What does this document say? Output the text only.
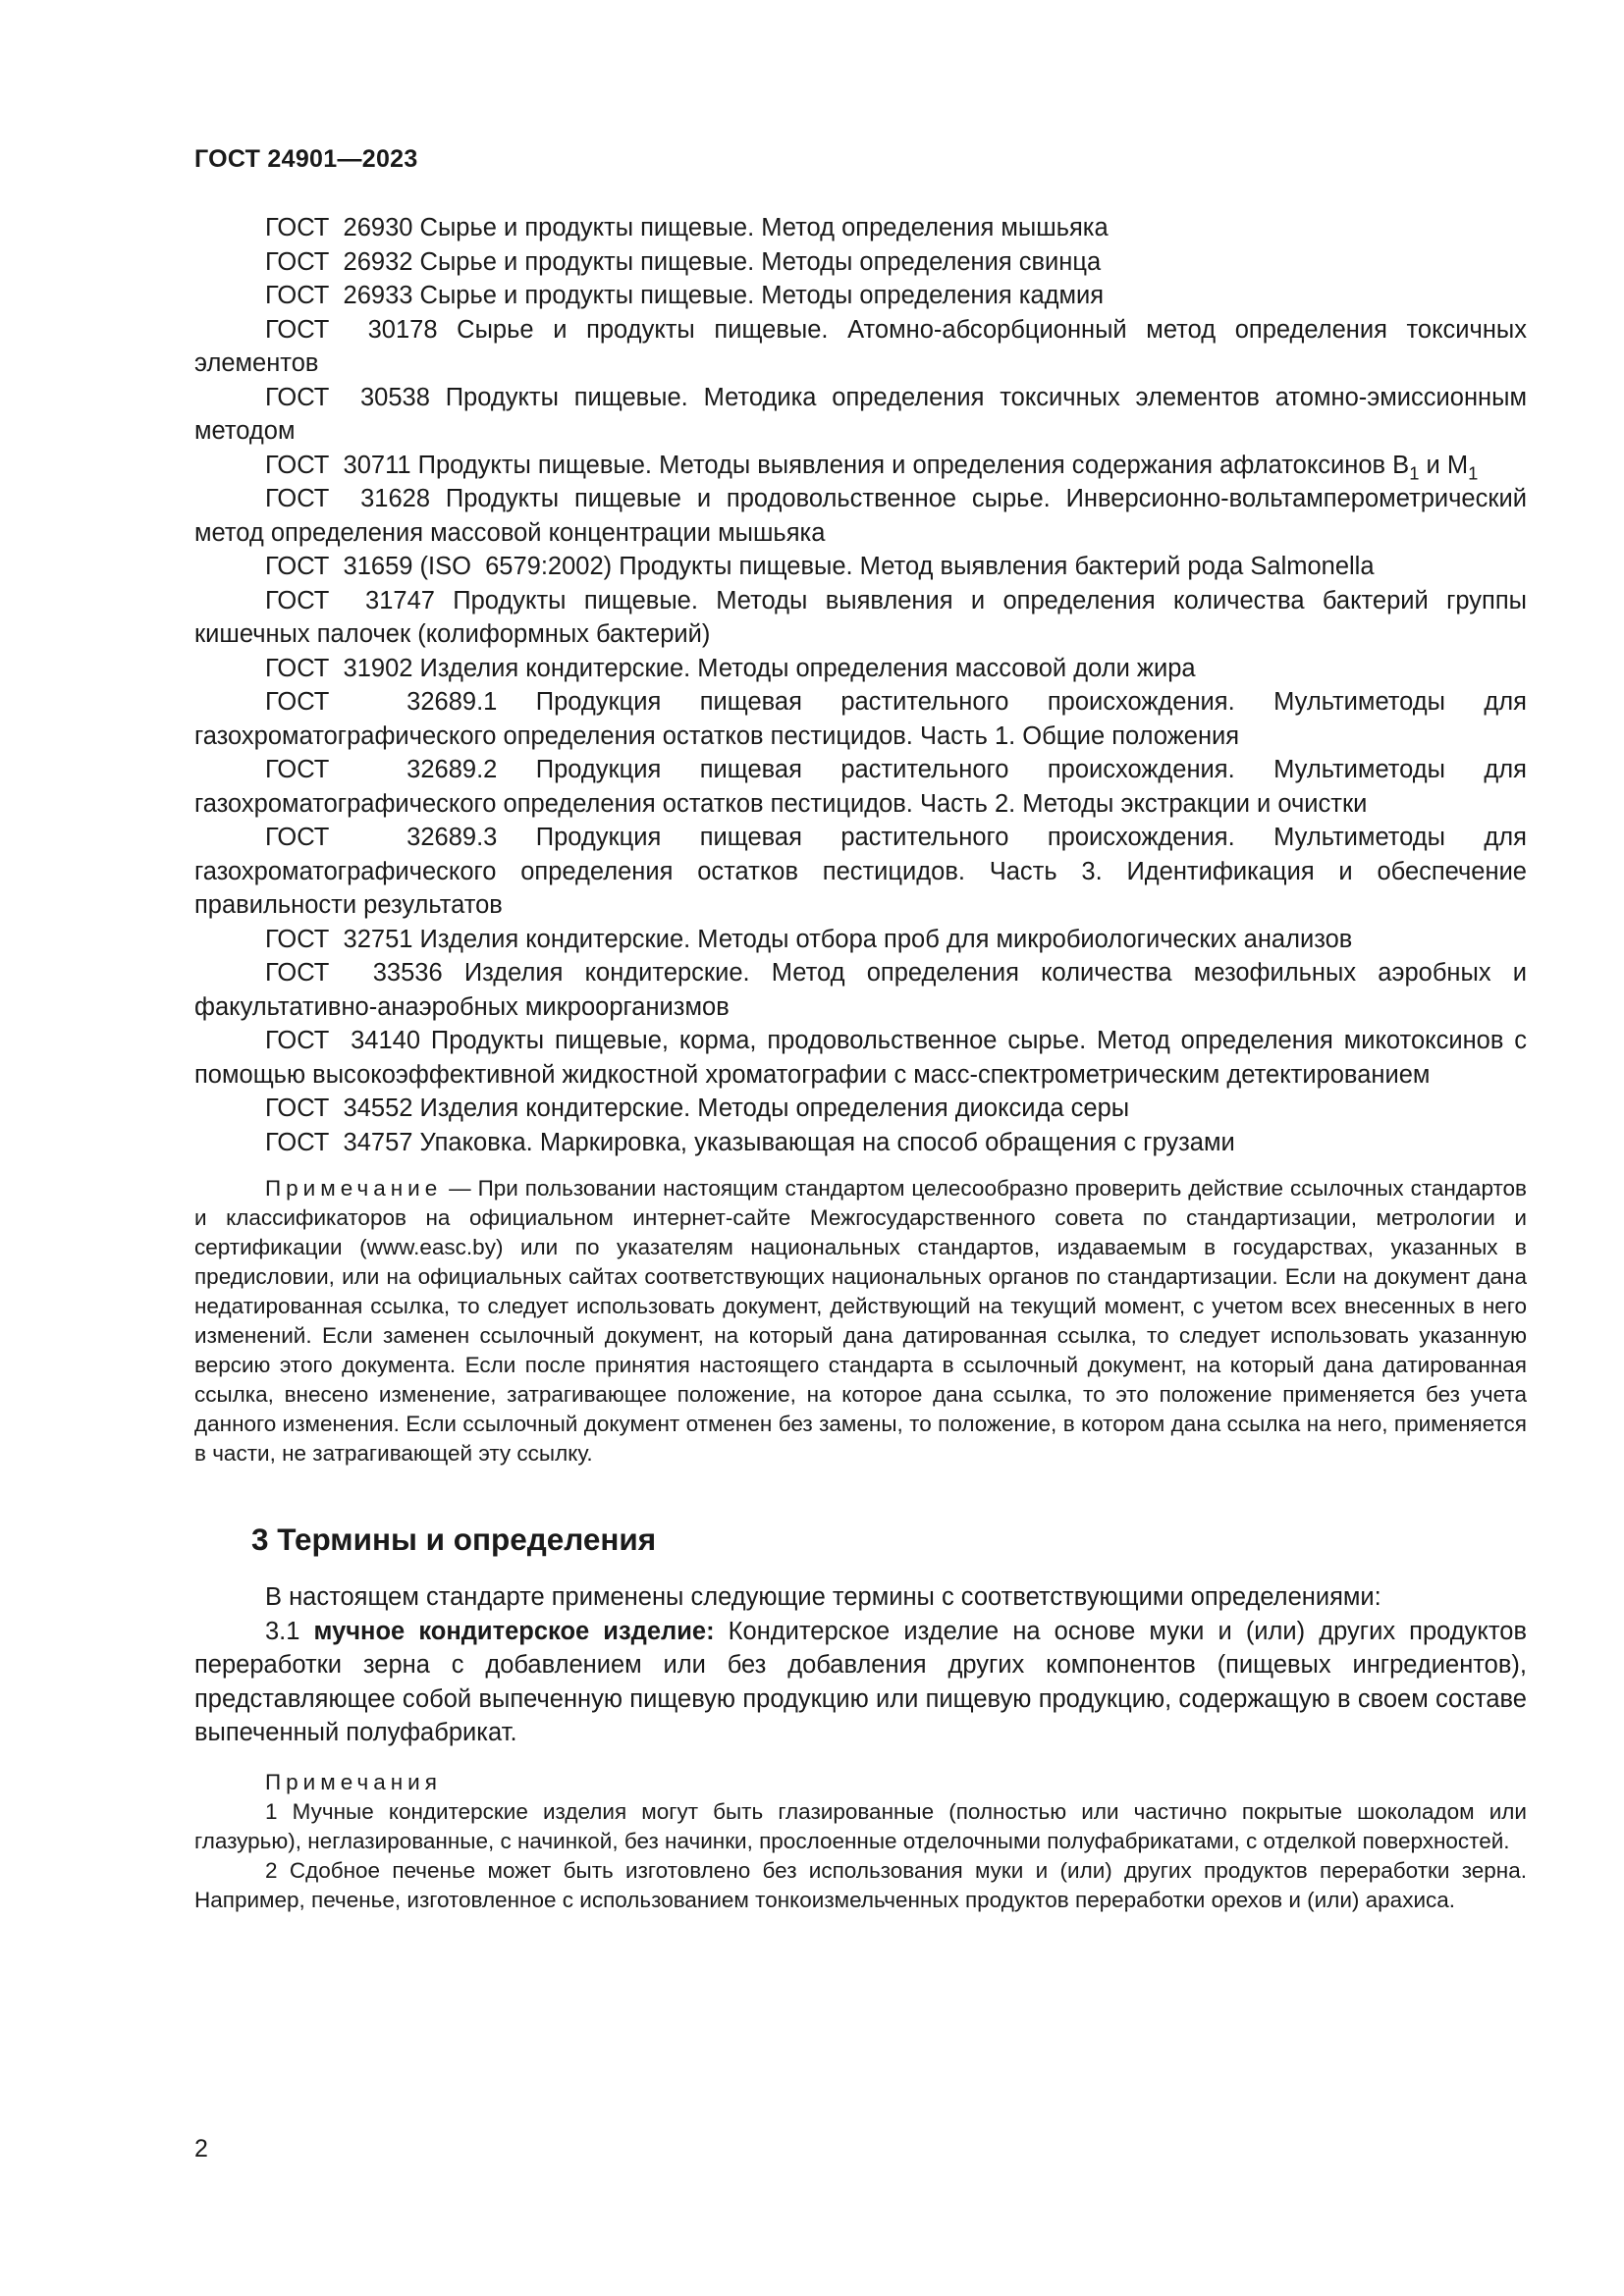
ГОСТ 24901—2023

ГОСТ  26930 Сырье и продукты пищевые. Метод определения мышьяка

ГОСТ  26932 Сырье и продукты пищевые. Методы определения свинца

ГОСТ  26933 Сырье и продукты пищевые. Методы определения кадмия

ГОСТ  30178 Сырье и продукты пищевые. Атомно-абсорбционный метод определения токсичных элементов

ГОСТ  30538 Продукты пищевые. Методика определения токсичных элементов атомно-эмиссионным методом

ГОСТ  30711 Продукты пищевые. Методы выявления и определения содержания афлатоксинов $В_1$ и $М_1$

ГОСТ  31628 Продукты пищевые и продовольственное сырье. Инверсионно-вольтамперометрический метод определения массовой концентрации мышьяка

ГОСТ  31659 (ISO  6579:2002) Продукты пищевые. Метод выявления бактерий рода Salmonella

ГОСТ  31747 Продукты пищевые. Методы выявления и определения количества бактерий группы кишечных палочек (колиформных бактерий)

ГОСТ  31902 Изделия кондитерские. Методы определения массовой доли жира

ГОСТ  32689.1 Продукция пищевая растительного происхождения. Мультиметоды для газохроматографического определения остатков пестицидов. Часть 1. Общие положения

ГОСТ  32689.2 Продукция пищевая растительного происхождения. Мультиметоды для газохроматографического определения остатков пестицидов. Часть 2. Методы экстракции и очистки

ГОСТ  32689.3 Продукция пищевая растительного происхождения. Мультиметоды для газохроматографического определения остатков пестицидов. Часть 3. Идентификация и обеспечение правильности результатов

ГОСТ  32751 Изделия кондитерские. Методы отбора проб для микробиологических анализов

ГОСТ  33536 Изделия кондитерские. Метод определения количества мезофильных аэробных и факультативно-анаэробных микроорганизмов

ГОСТ  34140 Продукты пищевые, корма, продовольственное сырье. Метод определения микотоксинов с помощью высокоэффективной жидкостной хроматографии с масс-спектрометрическим детектированием

ГОСТ  34552 Изделия кондитерские. Методы определения диоксида серы

ГОСТ  34757 Упаковка. Маркировка, указывающая на способ обращения с грузами

Примечание — При пользовании настоящим стандартом целесообразно проверить действие ссылочных стандартов и классификаторов на официальном интернет-сайте Межгосударственного совета по стандартизации, метрологии и сертификации (www.easc.by) или по указателям национальных стандартов, издаваемым в государствах, указанных в предисловии, или на официальных сайтах соответствующих национальных органов по стандартизации. Если на документ дана недатированная ссылка, то следует использовать документ, действующий на текущий момент, с учетом всех внесенных в него изменений. Если заменен ссылочный документ, на который дана датированная ссылка, то следует использовать указанную версию этого документа. Если после принятия настоящего стандарта в ссылочный документ, на который дана датированная ссылка, внесено изменение, затрагивающее положение, на которое дана ссылка, то это положение применяется без учета данного изменения. Если ссылочный документ отменен без замены, то положение, в котором дана ссылка на него, применяется в части, не затрагивающей эту ссылку.

3 Термины и определения

В настоящем стандарте применены следующие термины с соответствующими определениями:

3.1 мучное кондитерское изделие: Кондитерское изделие на основе муки и (или) других продуктов переработки зерна с добавлением или без добавления других компонентов (пищевых ингредиентов), представляющее собой выпеченную пищевую продукцию или пищевую продукцию, содержащую в своем составе выпеченный полуфабрикат.

Примечания

1 Мучные кондитерские изделия могут быть глазированные (полностью или частично покрытые шоколадом или глазурью), неглазированные, с начинкой, без начинки, прослоенные отделочными полуфабрикатами, с отделкой поверхностей.

2 Сдобное печенье может быть изготовлено без использования муки и (или) других продуктов переработки зерна. Например, печенье, изготовленное с использованием тонкоизмельченных продуктов переработки орехов и (или) арахиса.

2
